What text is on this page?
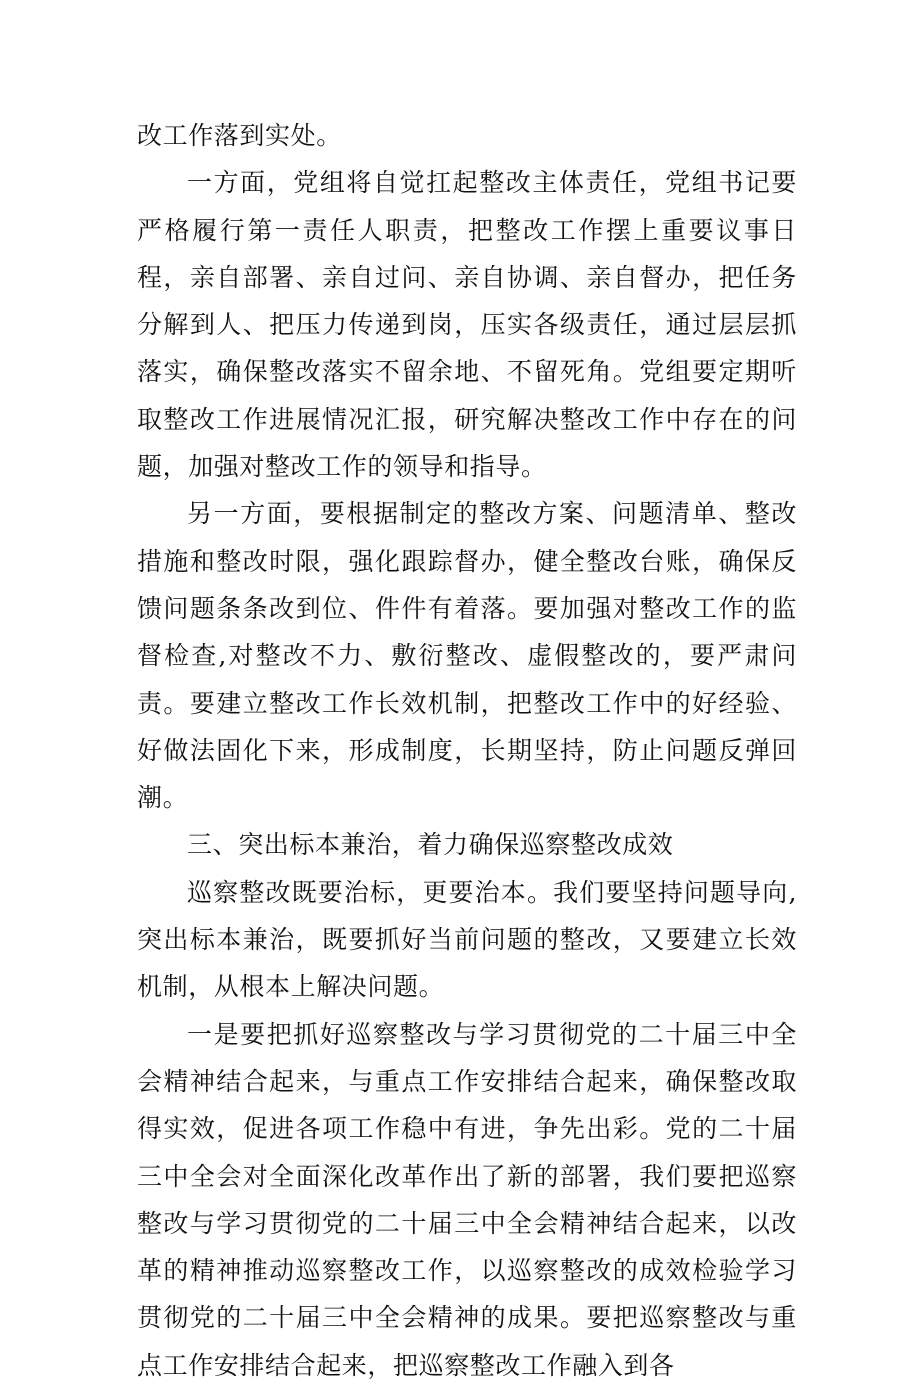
改工作落到实处。

一方面，党组将自觉扛起整改主体责任，党组书记要严格履行第一责任人职责，把整改工作摆上重要议事日程，亲自部署、亲自过问、亲自协调、亲自督办，把任务分解到人、把压力传递到岗，压实各级责任，通过层层抓落实，确保整改落实不留余地、不留死角。党组要定期听取整改工作进展情况汇报，研究解决整改工作中存在的问题，加强对整改工作的领导和指导。

另一方面，要根据制定的整改方案、问题清单、整改措施和整改时限，强化跟踪督办，健全整改台账，确保反馈问题条条改到位、件件有着落。要加强对整改工作的监督检查,对整改不力、敷衍整改、虚假整改的，要严肃问责。要建立整改工作长效机制，把整改工作中的好经验、好做法固化下来，形成制度，长期坚持，防止问题反弹回潮。

三、突出标本兼治，着力确保巡察整改成效

巡察整改既要治标，更要治本。我们要坚持问题导向,突出标本兼治，既要抓好当前问题的整改，又要建立长效机制，从根本上解决问题。

一是要把抓好巡察整改与学习贯彻党的二十届三中全会精神结合起来，与重点工作安排结合起来，确保整改取得实效，促进各项工作稳中有进，争先出彩。党的二十届三中全会对全面深化改革作出了新的部署，我们要把巡察整改与学习贯彻党的二十届三中全会精神结合起来，以改革的精神推动巡察整改工作，以巡察整改的成效检验学习贯彻党的二十届三中全会精神的成果。要把巡察整改与重点工作安排结合起来，把巡察整改工作融入到各
